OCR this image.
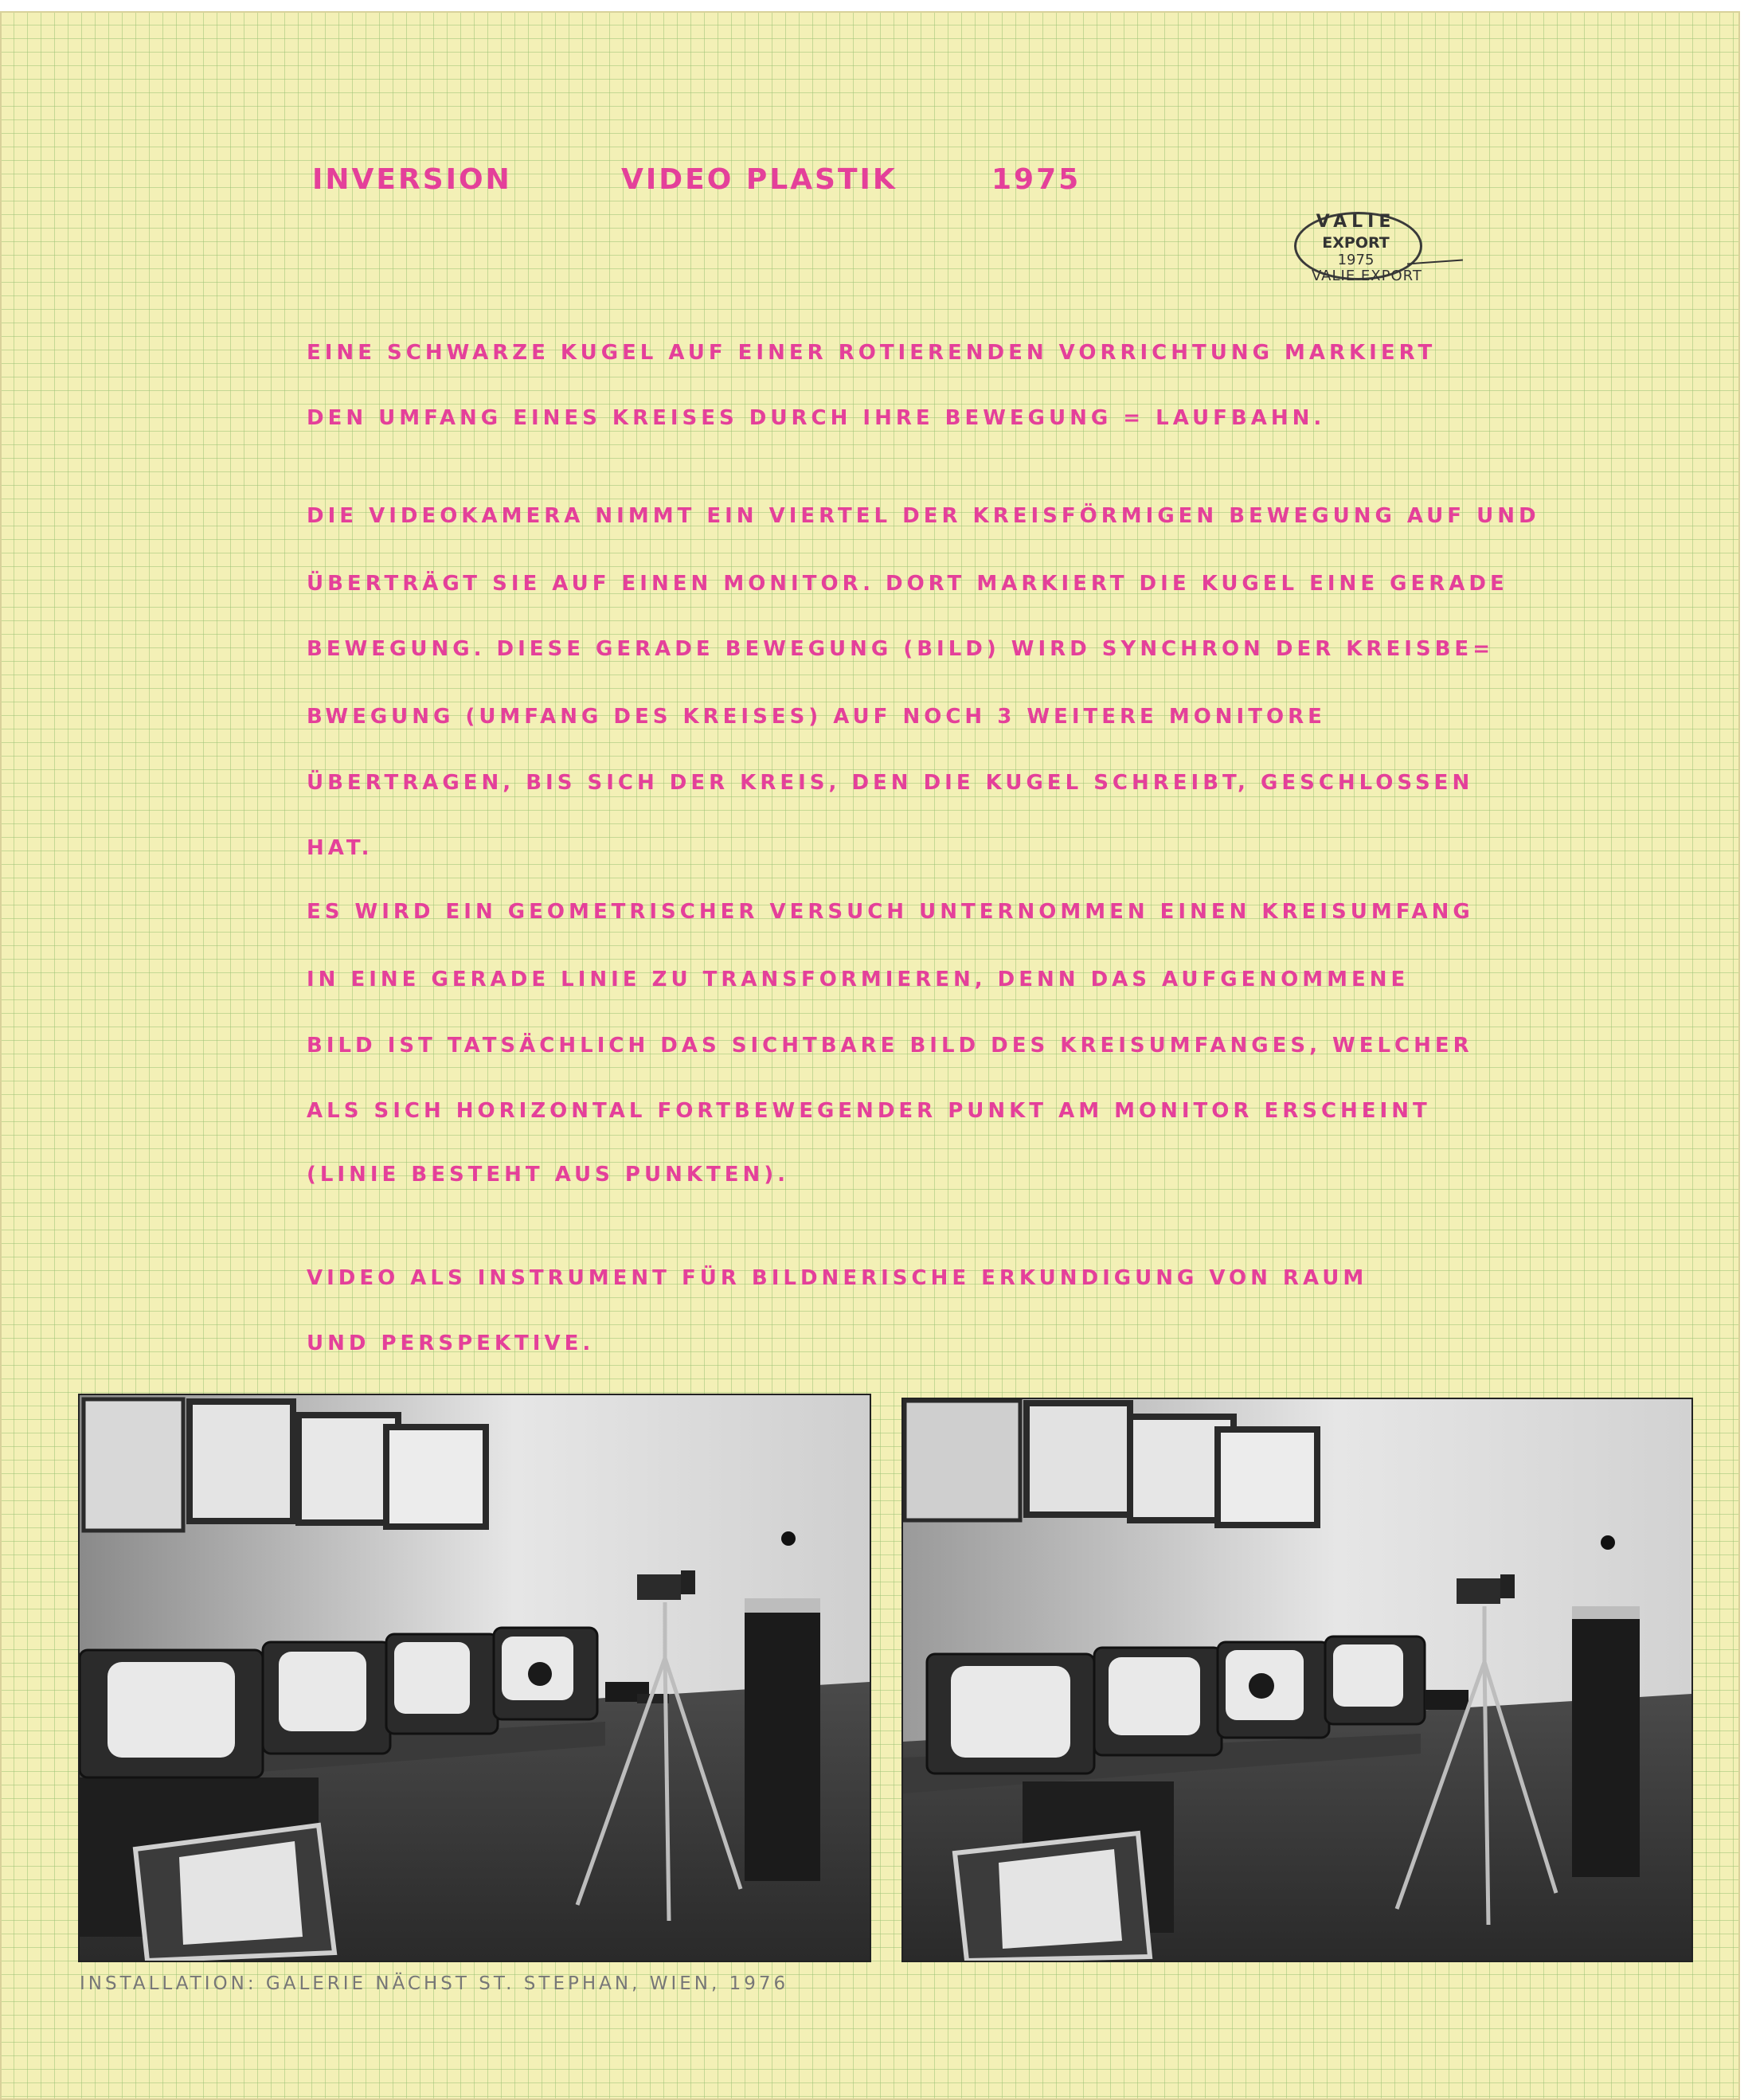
INVERSION	VIDEO PLASTIK	1975

EINE SCHWARZE KUGEL AUF EINER ROTIERENDEN VORRICHTUNG MARKIERT

DEN UMFANG EINES KREISES DURCH IHRE BEWEGUNG = LAUFBAHN.

DIE VIDEOKAMERA NIMMT EIN VIERTEL DER KREISFÖRMIGEN BEWEGUNG AUF UND

ÜBERTRÄGT SIE AUF EINEN MONITOR. DORT MARKIERT DIE KUGEL EINE GERADE

BEWEGUNG. DIESE GERADE BEWEGUNG (BILD) WIRD SYNCHRON DER KREISBE=

BWEGUNG (UMFANG DES KREISES) AUF NOCH 3 WEITERE MONITORE

ÜBERTRAGEN, BIS SICH DER KREIS, DEN DIE KUGEL SCHREIBT, GESCHLOSSEN

HAT.

ES WIRD EIN GEOMETRISCHER VERSUCH UNTERNOMMEN EINEN KREISUMFANG

IN EINE GERADE LINIE ZU TRANSFORMIEREN, DENN DAS AUFGENOMMENE

BILD IST TATSÄCHLICH DAS SICHTBARE BILD DES KREISUMFANGES, WELCHER

ALS SICH HORIZONTAL FORTBEWEGENDER PUNKT AM MONITOR ERSCHEINT

(LINIE BESTEHT AUS PUNKTEN).

VIDEO ALS INSTRUMENT FÜR BILDNERISCHE ERKUNDIGUNG VON RAUM

UND PERSPEKTIVE.

VALIE
EXPORT
1975
VALIE EXPORT

INSTALLATION: GALERIE NÄCHST ST. STEPHAN, WIEN, 1976
